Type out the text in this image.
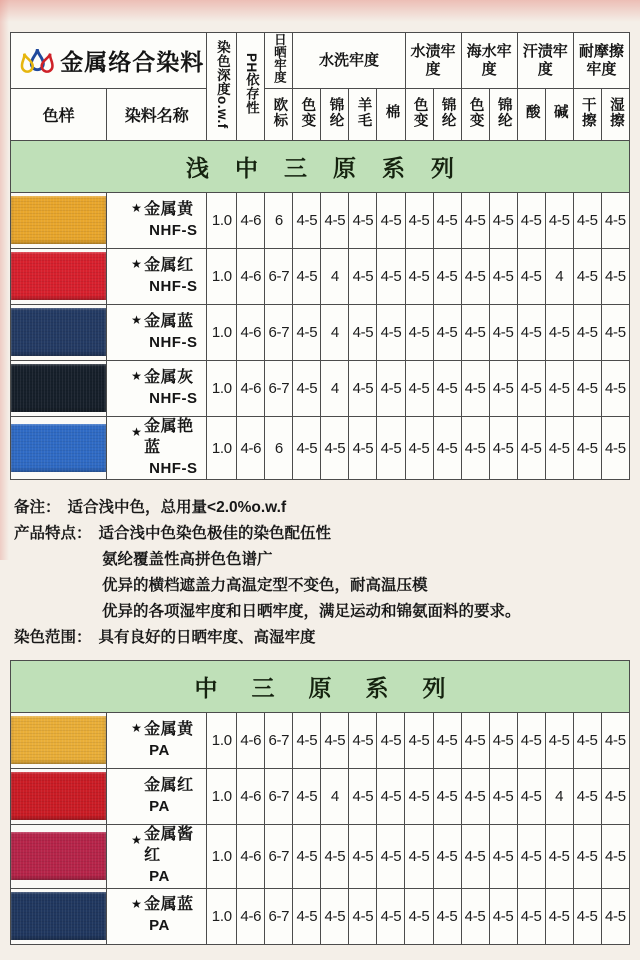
金属络合染料		染色深度o.w.f	PH依存性	日晒牢度	水洗牢度				水渍牢度		海水牢度		汗渍牢度		耐摩擦牢度	
色样	染料名称			欧标	色变	锦纶	羊毛	棉	色变	锦纶	色变	锦纶	酸	碱	干擦	湿擦
浅中三原系列																

	★ 金属黄
NHF-S	1.0	4-6	6	4-5	4-5	4-5	4-5	4-5	4-5	4-5	4-5	4-5	4-5	4-5	4-5

	★ 金属红
NHF-S	1.0	4-6	6-7	4-5	4	4-5	4-5	4-5	4-5	4-5	4-5	4-5	4	4-5	4-5

	★ 金属蓝
NHF-S	1.0	4-6	6-7	4-5	4	4-5	4-5	4-5	4-5	4-5	4-5	4-5	4-5	4-5	4-5

	★ 金属灰
NHF-S	1.0	4-6	6-7	4-5	4	4-5	4-5	4-5	4-5	4-5	4-5	4-5	4-5	4-5	4-5

	★ 金属艳蓝
NHF-S	1.0	4-6	6	4-5	4-5	4-5	4-5	4-5	4-5	4-5	4-5	4-5	4-5	4-5	4-5
备注： 适合浅中色，总用量<2.0%o.w.f
产品特点： 适合浅中色染色极佳的染色配伍性
氨纶覆盖性高拼色色谱广
优异的横档遮盖力高温定型不变色，耐高温压模
优异的各项湿牢度和日晒牢度，满足运动和锦氨面料的要求。
染色范围： 具有良好的日晒牢度、高湿牢度
中三原系列																

	★ 金属黄
PA	1.0	4-6	6-7	4-5	4-5	4-5	4-5	4-5	4-5	4-5	4-5	4-5	4-5	4-5	4-5

	金属红
PA	1.0	4-6	6-7	4-5	4	4-5	4-5	4-5	4-5	4-5	4-5	4-5	4	4-5	4-5

	★ 金属酱红
PA	1.0	4-6	6-7	4-5	4-5	4-5	4-5	4-5	4-5	4-5	4-5	4-5	4-5	4-5	4-5

	★ 金属蓝
PA	1.0	4-6	6-7	4-5	4-5	4-5	4-5	4-5	4-5	4-5	4-5	4-5	4-5	4-5	4-5
